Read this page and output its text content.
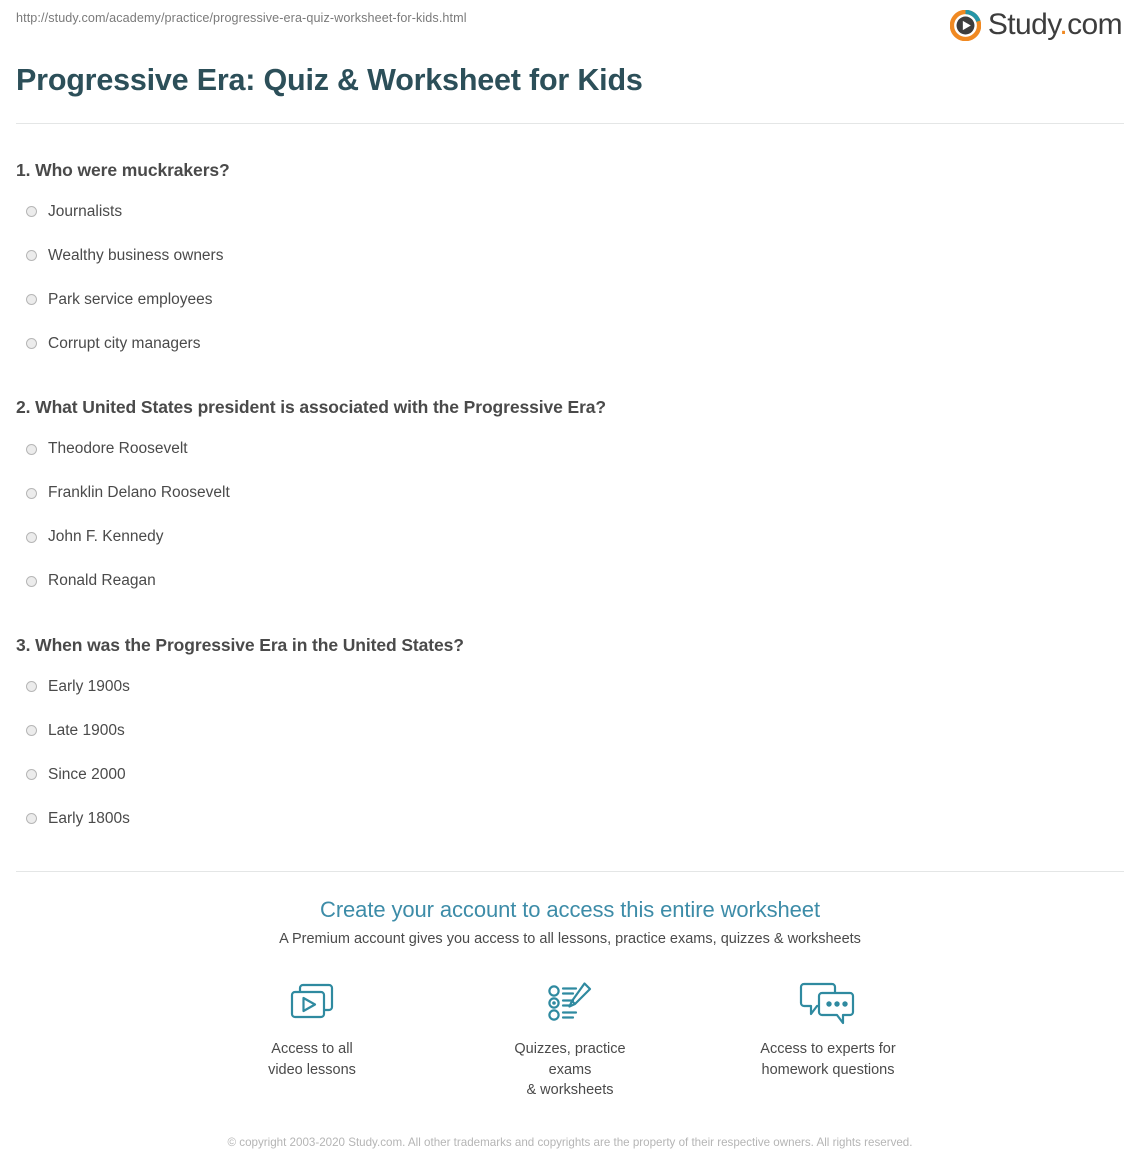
http://study.com/academy/practice/progressive-era-quiz-worksheet-for-kids.html	Study.com
Progressive Era: Quiz & Worksheet for Kids

1. Who were muckrakers?

Journalists
Wealthy business owners
Park service employees
Corrupt city managers

2. What United States president is associated with the Progressive Era?

Theodore Roosevelt
Franklin Delano Roosevelt
John F. Kennedy
Ronald Reagan

3. When was the Progressive Era in the United States?

Early 1900s
Late 1900s
Since 2000
Early 1800s
Create your account to access this entire worksheet

A Premium account gives you access to all lessons, practice exams, quizzes & worksheets

Access to all
video lessons
Quizzes, practice exams
& worksheets
Access to experts for
homework questions
© copyright 2003-2020 Study.com. All other trademarks and copyrights are the property of their respective owners. All rights reserved.
